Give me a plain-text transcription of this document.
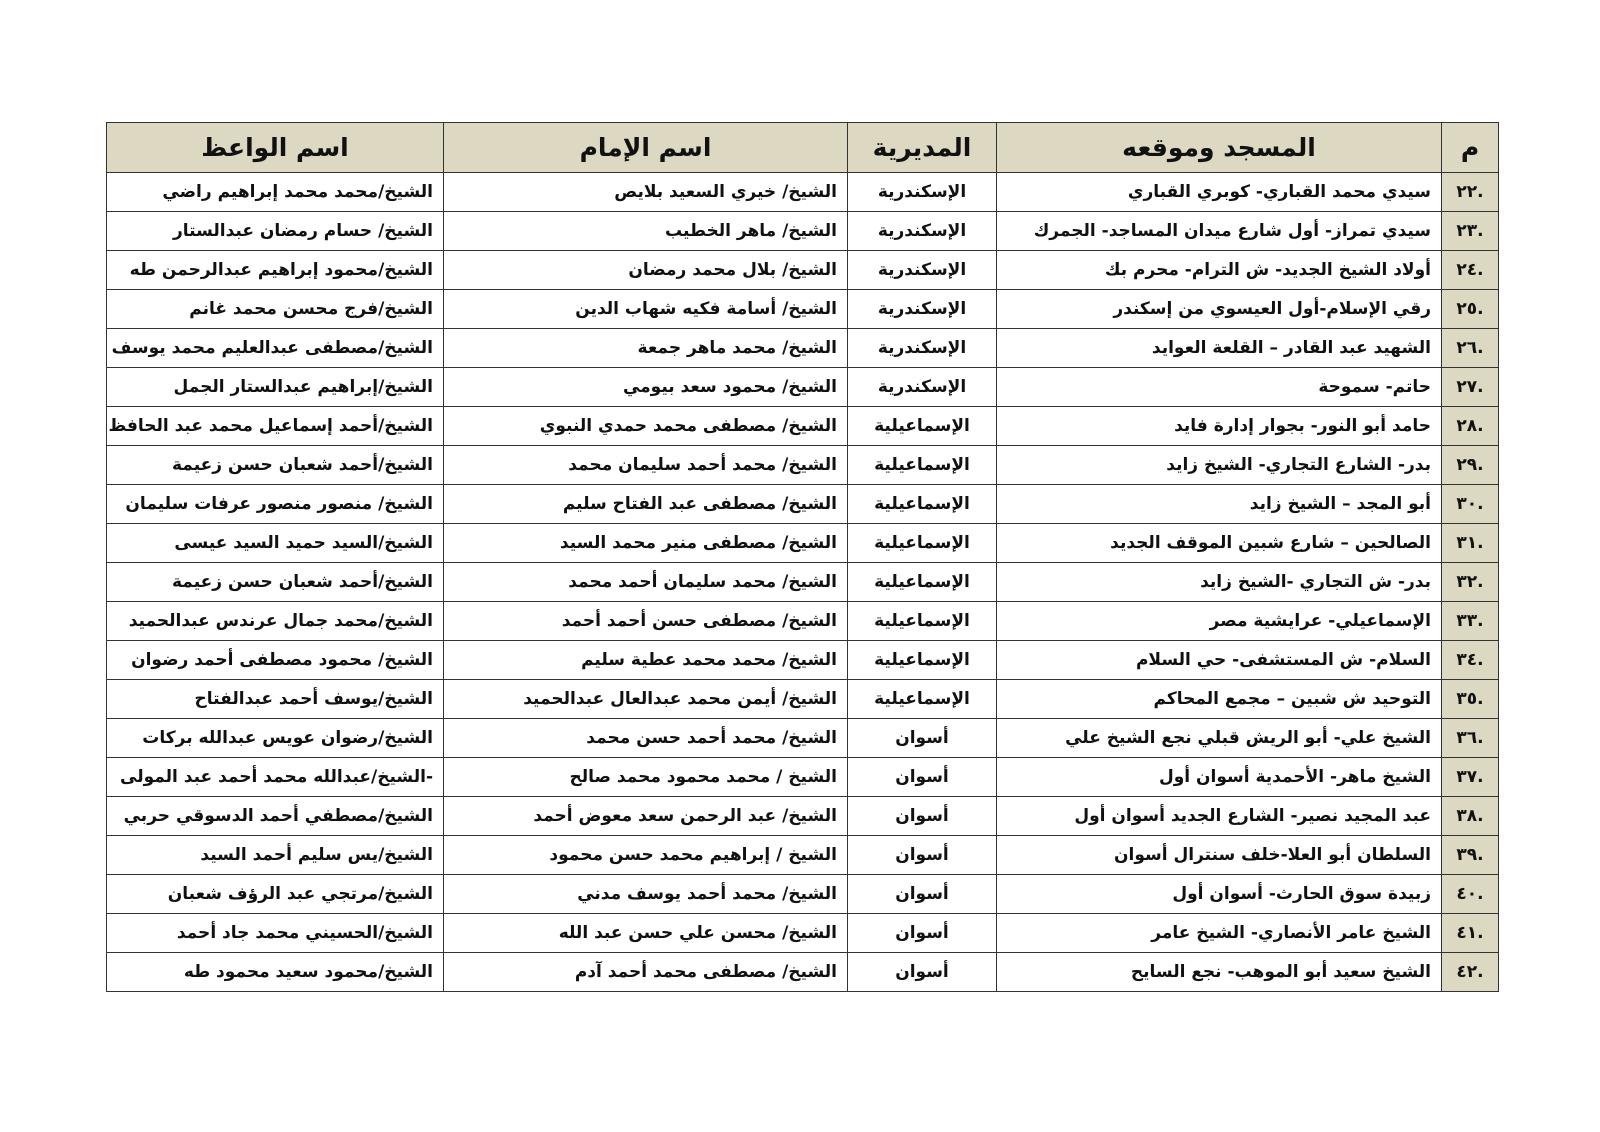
م	المسجد وموقعه	المديرية	اسم الإمام	اسم الواعظ
.٢٢	سيدي محمد القباري- كوبري القباري	الإسكندرية	الشيخ/ خيري السعيد بلايص	الشيخ/محمد محمد إبراهيم راضي
.٢٣	سيدي تمراز- أول شارع ميدان المساجد- الجمرك	الإسكندرية	الشيخ/ ماهر الخطيب	الشيخ/ حسام رمضان عبدالستار
.٢٤	أولاد الشيخ الجديد- ش الترام- محرم بك	الإسكندرية	الشيخ/ بلال محمد رمضان	الشيخ/محمود إبراهيم عبدالرحمن طه
.٢٥	رقي الإسلام-أول العيسوي من إسكندر	الإسكندرية	الشيخ/ أسامة فكيه شهاب الدين	الشيخ/فرج محسن محمد غانم
.٢٦	الشهيد عبد القادر – القلعة العوايد	الإسكندرية	الشيخ/ محمد ماهر جمعة	الشيخ/مصطفى عبدالعليم محمد يوسف
.٢٧	حاتم- سموحة	الإسكندرية	الشيخ/ محمود سعد بيومي	الشيخ/إبراهيم عبدالستار الجمل
.٢٨	حامد أبو النور- بجوار إدارة فايد	الإسماعيلية	الشيخ/ مصطفى محمد حمدي النبوي	الشيخ/أحمد إسماعيل محمد عبد الحافظ
.٢٩	بدر- الشارع التجاري- الشيخ زايد	الإسماعيلية	الشيخ/ محمد أحمد سليمان محمد	الشيخ/أحمد شعبان حسن زعيمة
.٣٠	أبو المجد – الشيخ زايد	الإسماعيلية	الشيخ/ مصطفى عبد الفتاح سليم	الشيخ/ منصور منصور عرفات سليمان
.٣١	الصالحين – شارع شبين الموقف الجديد	الإسماعيلية	الشيخ/ مصطفى منير محمد السيد	الشيخ/السيد حميد السيد عيسى
.٣٢	بدر- ش التجاري -الشيخ زايد	الإسماعيلية	الشيخ/ محمد سليمان أحمد محمد	الشيخ/أحمد شعبان حسن زعيمة
.٣٣	الإسماعيلي- عرايشية مصر	الإسماعيلية	الشيخ/ مصطفى حسن أحمد أحمد	الشيخ/محمد جمال عرندس عبدالحميد
.٣٤	السلام- ش المستشفى- حي السلام	الإسماعيلية	الشيخ/ محمد محمد عطية سليم	الشيخ/ محمود مصطفى أحمد رضوان
.٣٥	التوحيد ش شبين – مجمع المحاكم	الإسماعيلية	الشيخ/ أيمن محمد عبدالعال عبدالحميد	الشيخ/يوسف أحمد عبدالفتاح
.٣٦	الشيخ علي- أبو الريش قبلي نجع الشيخ علي	أسوان	الشيخ/ محمد أحمد حسن محمد	الشيخ/رضوان عويس عبدالله بركات
.٣٧	الشيخ ماهر- الأحمدية أسوان أول	أسوان	الشيخ / محمد محمود محمد صالح	-الشيخ/عبدالله محمد أحمد عبد المولى
.٣٨	عبد المجيد نصير- الشارع الجديد أسوان أول	أسوان	الشيخ/ عبد الرحمن سعد معوض أحمد	الشيخ/مصطفي أحمد الدسوقي حربي
.٣٩	السلطان أبو العلا-خلف سنترال أسوان	أسوان	الشيخ / إبراهيم محمد حسن محمود	الشيخ/يس سليم أحمد السيد
.٤٠	زبيدة سوق الحارث- أسوان أول	أسوان	الشيخ/ محمد أحمد يوسف مدني	الشيخ/مرتجي عبد الرؤف شعبان
.٤١	الشيخ عامر الأنصاري- الشيخ عامر	أسوان	الشيخ/ محسن علي حسن عبد الله	الشيخ/الحسيني محمد جاد أحمد
.٤٢	الشيخ سعيد أبو الموهب- نجع السايح	أسوان	الشيخ/ مصطفى محمد أحمد آدم	الشيخ/محمود سعيد محمود طه
